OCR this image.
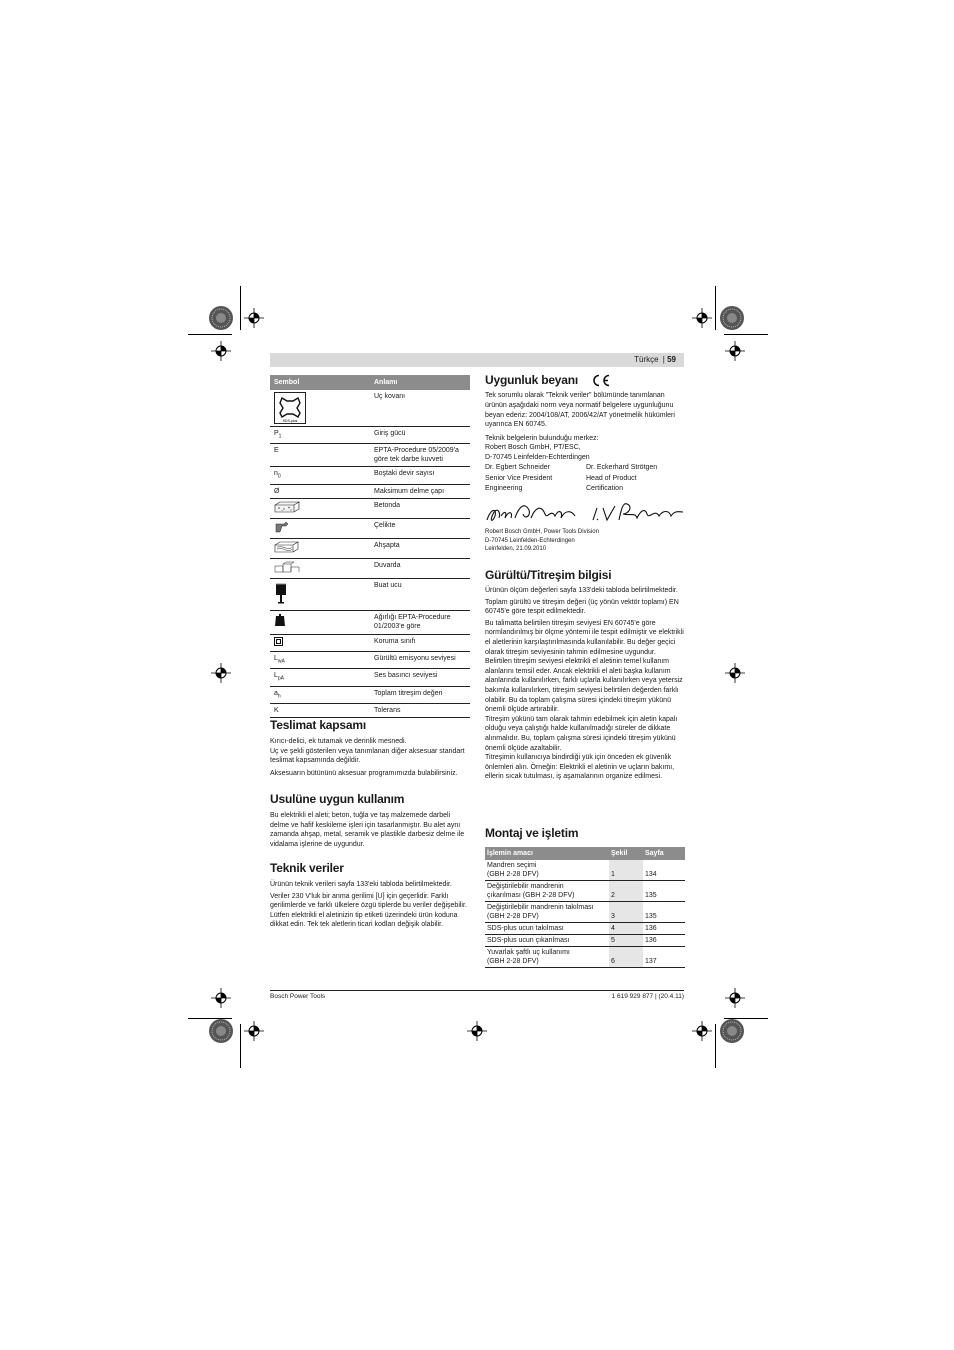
Türkçe | 59
Sembol	Anlamı

SDS-plus	Uç kovanı
$P_1$	Giriş gücü
E	EPTA-Procedure 05/2009'a göre tek darbe kuvveti
$n_0$	Boştaki devir sayısı
Ø	Maksimum delme çapı
	Betonda
	Çelikte
	Ahşapta
	Duvarda
	Buat ucu
	Ağırlığı EPTA-Procedure 01/2003'e göre
	Koruma sınıfı
$L_{wA}$	Gürültü emisyonu seviyesi
$L_{pA}$	Ses basıncı seviyesi
$a_h$	Toplam titreşim değeri
K	Tolerans
Teslimat kapsamı

Kırıcı-delici, ek tutamak ve derinlik mesnedi.

Uç ve şekli gösterilen veya tanımlanan diğer aksesuar standart teslimat kapsamında değildir.

Aksesuarın bütününü aksesuar programımızda bulabilirsiniz.

Usulüne uygun kullanım

Bu elektrikli el aleti; beton, tuğla ve taş malzemede darbeli delme ve hafif keskileme işleri için tasarlanmıştır. Bu alet aynı zamanda ahşap, metal, seramik ve plastikle darbesiz delme ile vidalama işlerine de uygundur.

Teknik veriler

Ürünün teknik verileri sayfa 133'eki tabloda belirtilmektedir.

Veriler 230 V'luk bir anma gerilimi [U] için geçerlidir. Farklı gerilimlerde ve farklı ülkelere özgü tiplerde bu veriler değişebilir.

Lütfen elektrikli el aletinizin tip etiketi üzerindeki ürün koduna dikkat edin. Tek tek aletlerin ticari kodları değişik olabilir.

Uygunluk beyanı

Tek sorumlu olarak "Teknik veriler" bölümünde tanımlanan ürünün aşağıdaki norm veya normatif belgelere uygunluğunu beyan ederiz: 2004/108/AT, 2006/42/AT yönetmelik hükümleri uyarınca EN 60745.

Teknik belgelerin bulunduğu merkez:

Robert Bosch GmbH, PT/ESC,

D-70745 Leinfelden-Echterdingen

Dr. Egbert Schneider	Dr. Eckerhard Strötgen
Senior Vice President	Head of Product
Engineering	Certification

Robert Bosch GmbH, Power Tools Division

D-70745 Leinfelden-Echterdingen

Leinfelden, 21.09.2010

Gürültü/Titreşim bilgisi

Ürünün ölçüm değerleri sayfa 133'deki tabloda belirtilmektedir.

Toplam gürültü ve titreşim değeri (üç yönün vektör toplamı) EN 60745'e göre tespit edilmektedir.

Bu talimatta belirtilen titreşim seviyesi EN 60745'e göre normlandırılmış bir ölçme yöntemi ile tespit edilmiştir ve elektrikli el aletlerinin karşılaştırılmasında kullanılabilir. Bu değer geçici olarak titreşim seviyesinin tahmin edilmesine uygundur.

Belirtilen titreşim seviyesi elektrikli el aletinin temel kullanım alanlarını temsil eder. Ancak elektrikli el aleti başka kullanım alanlarında kullanılırken, farklı uçlarla kullanılırken veya yetersiz bakımla kullanılırken, titreşim seviyesi belirtilen değerden farklı olabilir. Bu da toplam çalışma süresi içindeki titreşim yükünü önemli ölçüde artırabilir.

Titreşim yükünü tam olarak tahmin edebilmek için aletin kapalı olduğu veya çalıştığı halde kullanılmadığı süreler de dikkate alınmalıdır. Bu, toplam çalışma süresi içindeki titreşim yükünü önemli ölçüde azaltabilir.

Titreşimin kullanıcıya bindirdiği yük için önceden ek güvenlik önlemleri alın. Örneğin: Elektrikli el aletinin ve uçların bakımı, ellerin sıcak tutulması, iş aşamalarının organize edilmesi.

Montaj ve işletim
İşlemin amacı	Şekil	Sayfa
Mandren seçimi
(GBH 2-28 DFV)	1	134
Değiştirilebilir mandrenin
çıkarılması (GBH 2-28 DFV)	2	135
Değiştirilebilir mandrenin takılması
(GBH 2-28 DFV)	3	135
SDS-plus ucun takılması	4	136
SDS-plus ucun çıkarılması	5	136
Yuvarlak şaftlı uç kullanımı
(GBH 2-28 DFV)	6	137
Bosch Power Tools	1 619 929 877 | (20.4.11)
